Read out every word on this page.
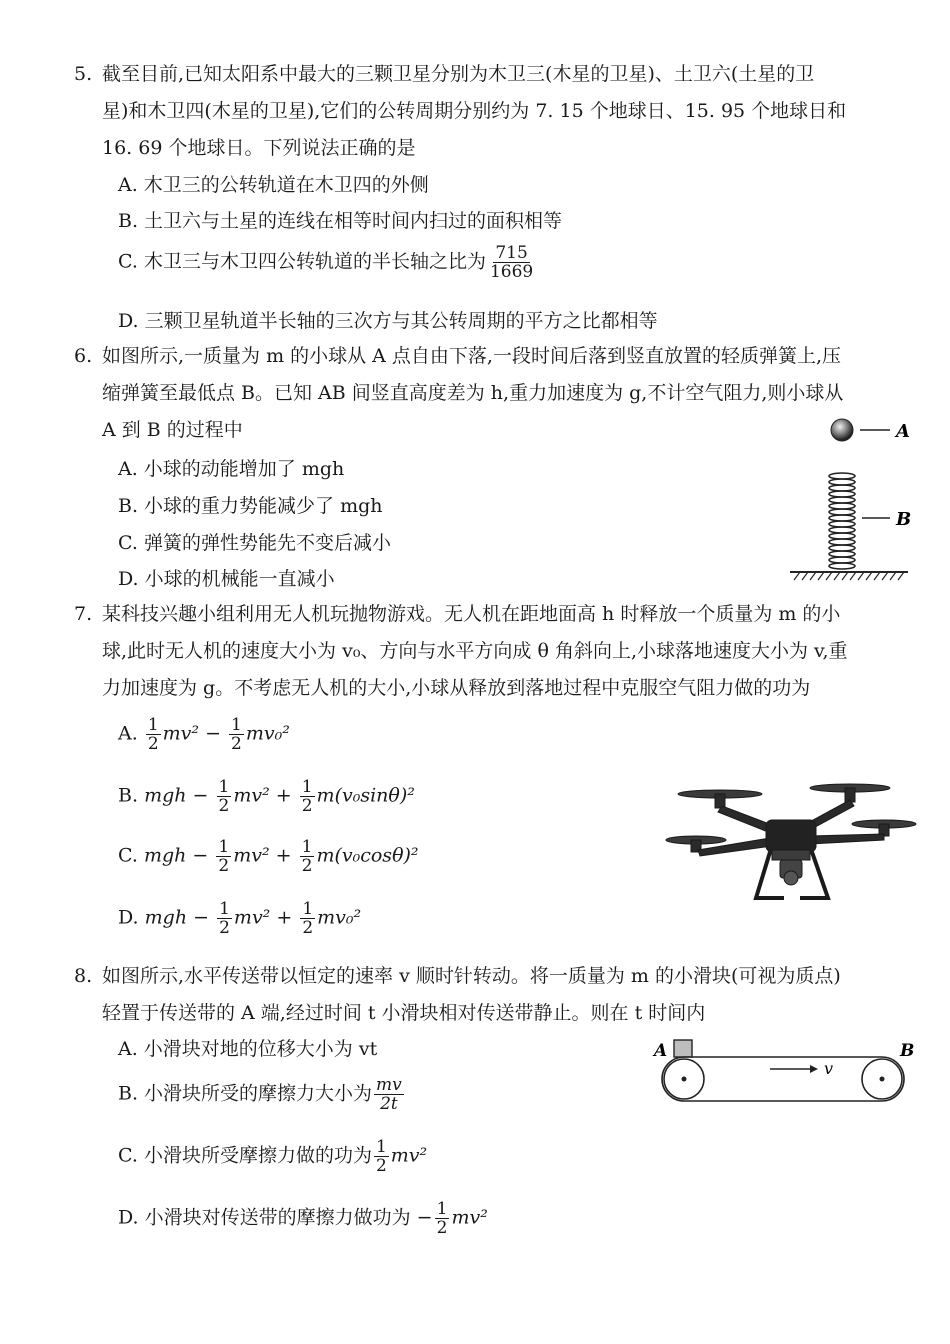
5. 截至目前,已知太阳系中最大的三颗卫星分别为木卫三(木星的卫星)、土卫六(土星的卫
星)和木卫四(木星的卫星),它们的公转周期分别约为 7. 15 个地球日、15. 95 个地球日和
16. 69 个地球日。下列说法正确的是
A. 木卫三的公转轨道在木卫四的外侧
B. 土卫六与土星的连线在相等时间内扫过的面积相等
C. 木卫三与木卫四公转轨道的半长轴之比为 $\frac{715}{1669}$
D. 三颗卫星轨道半长轴的三次方与其公转周期的平方之比都相等
6. 如图所示,一质量为 m 的小球从 A 点自由下落,一段时间后落到竖直放置的轻质弹簧上,压
缩弹簧至最低点 B。已知 AB 间竖直高度差为 h,重力加速度为 g,不计空气阻力,则小球从
A 到 B 的过程中
A. 小球的动能增加了 mgh
B. 小球的重力势能减少了 mgh
C. 弹簧的弹性势能先不变后减小
D. 小球的机械能一直减小
A
B
7. 某科技兴趣小组利用无人机玩抛物游戏。无人机在距地面高 h 时释放一个质量为 m 的小
球,此时无人机的速度大小为 v₀、方向与水平方向成 θ 角斜向上,小球落地速度大小为 v,重
力加速度为 g。不考虑无人机的大小,小球从释放到落地过程中克服空气阻力做的功为
A. $\frac{1}{2} mv^2 - \frac{1}{2} mv_0^2$
B. mgh − $\frac{1}{2} mv^2 + \frac{1}{2} m(v_0\sin\theta)^2$
C. mgh − $\frac{1}{2} mv^2 + \frac{1}{2} m(v_0\cos\theta)^2$
D. mgh − $\frac{1}{2} mv^2 + \frac{1}{2} mv_0^2$
8. 如图所示,水平传送带以恒定的速率 v 顺时针转动。将一质量为 m 的小滑块(可视为质点)
轻置于传送带的 A 端,经过时间 t 小滑块相对传送带静止。则在 t 时间内
A. 小滑块对地的位移大小为 vt
B. 小滑块所受的摩擦力大小为 $\frac{mv}{2t}$
C. 小滑块所受摩擦力做的功为 $\frac{1}{2} mv^2$
D. 小滑块对传送带的摩擦力做功为 − $\frac{1}{2} mv^2$
A	B
v
